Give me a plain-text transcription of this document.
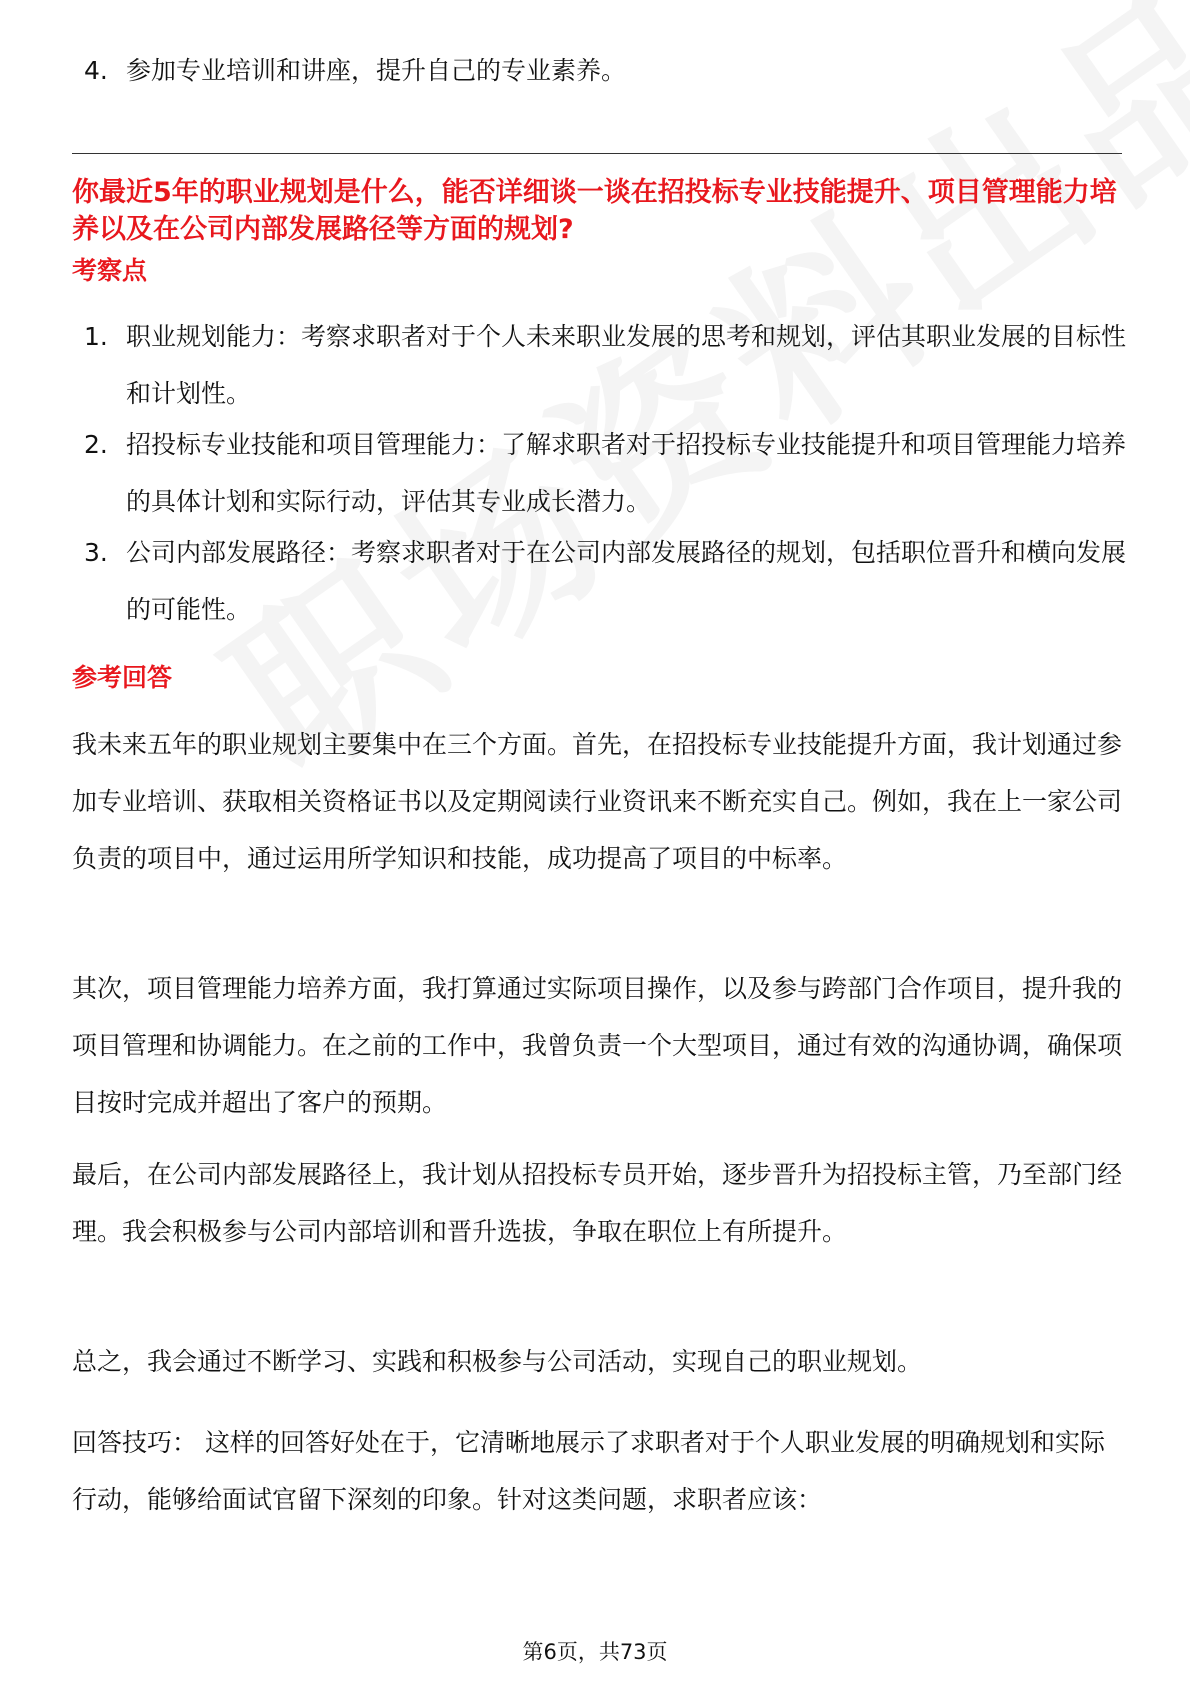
4. 参加专业培训和讲座，提升自己的专业素养。
你最近5年的职业规划是什么，能否详细谈一谈在招投标专业技能提升、项目管理能力培养以及在公司内部发展路径等方面的规划?
考察点
1. 职业规划能力：考察求职者对于个人未来职业发展的思考和规划，评估其职业发展的目标性和计划性。
2. 招投标专业技能和项目管理能力：了解求职者对于招投标专业技能提升和项目管理能力培养的具体计划和实际行动，评估其专业成长潜力。
3. 公司内部发展路径：考察求职者对于在公司内部发展路径的规划，包括职位晋升和横向发展的可能性。
参考回答
我未来五年的职业规划主要集中在三个方面。首先，在招投标专业技能提升方面，我计划通过参加专业培训、获取相关资格证书以及定期阅读行业资讯来不断充实自己。例如，我在上一家公司负责的项目中，通过运用所学知识和技能，成功提高了项目的中标率。
其次，项目管理能力培养方面，我打算通过实际项目操作，以及参与跨部门合作项目，提升我的项目管理和协调能力。在之前的工作中，我曾负责一个大型项目，通过有效的沟通协调，确保项目按时完成并超出了客户的预期。
最后，在公司内部发展路径上，我计划从招投标专员开始，逐步晋升为招投标主管，乃至部门经理。我会积极参与公司内部培训和晋升选拔，争取在职位上有所提升。
总之，我会通过不断学习、实践和积极参与公司活动，实现自己的职业规划。
回答技巧： 这样的回答好处在于，它清晰地展示了求职者对于个人职业发展的明确规划和实际行动，能够给面试官留下深刻的印象。针对这类问题，求职者应该：
第6页，共73页
